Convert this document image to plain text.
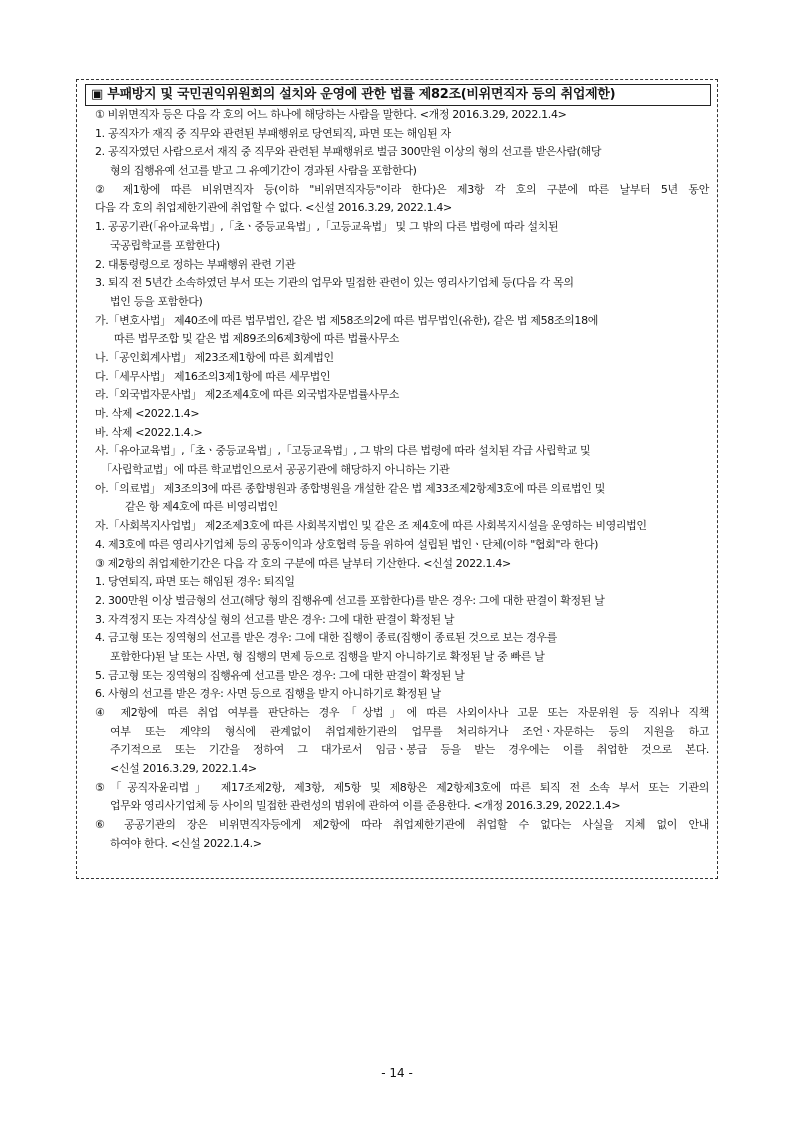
▣ 부패방지 및 국민권익위원회의 설치와 운영에 관한 법률 제82조(비위면직자 등의 취업제한)
① 비위면직자 등은 다음 각 호의 어느 하나에 해당하는 사람을 말한다. <개정 2016.3.29, 2022.1.4>
1. 공직자가 재직 중 직무와 관련된 부패행위로 당연퇴직, 파면 또는 해임된 자
2. 공직자였던 사람으로서 재직 중 직무와 관련된 부패행위로 벌금 300만원 이상의 형의 선고를 받은사람(해당
형의 집행유예 선고를 받고 그 유예기간이 경과된 사람을 포함한다)
② 제1항에 따른 비위면직자 등(이하 "비위면직자등"이라 한다)은 제3항 각 호의 구분에 따른 날부터 5년 동안
다음 각 호의 취업제한기관에 취업할 수 없다. <신설 2016.3.29, 2022.1.4>
1. 공공기관(「유아교육법」,「초ㆍ중등교육법」,「고등교육법」 및 그 밖의 다른 법령에 따라 설치된
국공립학교를 포함한다)
2. 대통령령으로 정하는 부패행위 관련 기관
3. 퇴직 전 5년간 소속하였던 부서 또는 기관의 업무와 밀접한 관련이 있는 영리사기업체 등(다음 각 목의
법인 등을 포함한다)
가.「변호사법」 제40조에 따른 법무법인, 같은 법 제58조의2에 따른 법무법인(유한), 같은 법 제58조의18에
따른 법무조합 및 같은 법 제89조의6제3항에 따른 법률사무소
나.「공인회계사법」 제23조제1항에 따른 회계법인
다.「세무사법」 제16조의3제1항에 따른 세무법인
라.「외국법자문사법」 제2조제4호에 따른 외국법자문법률사무소
마. 삭제 <2022.1.4>
바. 삭제 <2022.1.4.>
사.「유아교육법」,「초ㆍ중등교육법」,「고등교육법」, 그 밖의 다른 법령에 따라 설치된 각급 사립학교 및
「사립학교법」에 따른 학교법인으로서 공공기관에 해당하지 아니하는 기관
아.「의료법」 제3조의3에 따른 종합병원과 종합병원을 개설한 같은 법 제33조제2항제3호에 따른 의료법인 및
같은 항 제4호에 따른 비영리법인
자.「사회복지사업법」 제2조제3호에 따른 사회복지법인 및 같은 조 제4호에 따른 사회복지시설을 운영하는 비영리법인
4. 제3호에 따른 영리사기업체 등의 공동이익과 상호협력 등을 위하여 설립된 법인ㆍ단체(이하 "협회"라 한다)
③ 제2항의 취업제한기간은 다음 각 호의 구분에 따른 날부터 기산한다. <신설 2022.1.4>
1. 당연퇴직, 파면 또는 해임된 경우: 퇴직일
2. 300만원 이상 벌금형의 선고(해당 형의 집행유예 선고를 포함한다)를 받은 경우: 그에 대한 판결이 확정된 날
3. 자격정지 또는 자격상실 형의 선고를 받은 경우: 그에 대한 판결이 확정된 날
4. 금고형 또는 징역형의 선고를 받은 경우: 그에 대한 집행이 종료(집행이 종료된 것으로 보는 경우를
포함한다)된 날 또는 사면, 형 집행의 면제 등으로 집행을 받지 아니하기로 확정된 날 중 빠른 날
5. 금고형 또는 징역형의 집행유예 선고를 받은 경우: 그에 대한 판결이 확정된 날
6. 사형의 선고를 받은 경우: 사면 등으로 집행을 받지 아니하기로 확정된 날
④ 제2항에 따른 취업 여부를 판단하는 경우「상법」에 따른 사외이사나 고문 또는 자문위원 등 직위나 직책
여부 또는 계약의 형식에 관계없이 취업제한기관의 업무를 처리하거나 조언ㆍ자문하는 등의 지원을 하고
주기적으로 또는 기간을 정하여 그 대가로서 임금ㆍ봉급 등을 받는 경우에는 이를 취업한 것으로 본다.
<신설 2016.3.29, 2022.1.4>
⑤「공직자윤리법」 제17조제2항, 제3항, 제5항 및 제8항은 제2항제3호에 따른 퇴직 전 소속 부서 또는 기관의
업무와 영리사기업체 등 사이의 밀접한 관련성의 범위에 관하여 이를 준용한다. <개정 2016.3.29, 2022.1.4>
⑥ 공공기관의 장은 비위면직자등에게 제2항에 따라 취업제한기관에 취업할 수 없다는 사실을 지체 없이 안내
하여야 한다. <신설 2022.1.4.>
- 14 -
